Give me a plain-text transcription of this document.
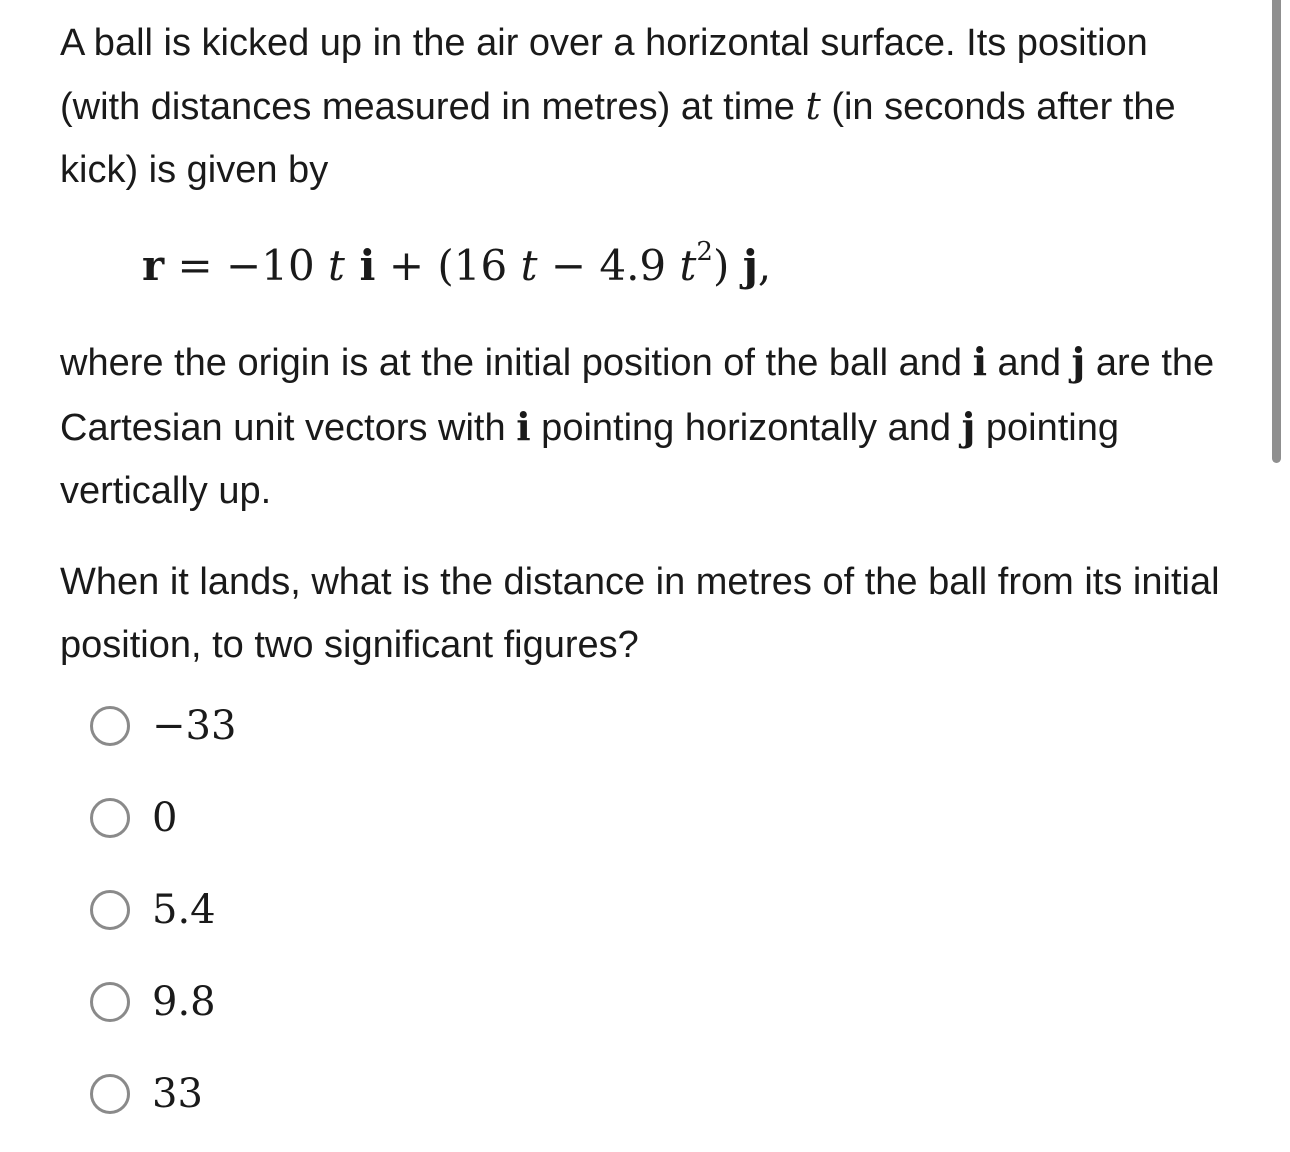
A ball is kicked up in the air over a horizontal surface. Its position (with distances measured in metres) at time t (in seconds after the kick) is given by

r = −10 t i + (16 t − 4.9 $t^2$) j,

where the origin is at the initial position of the ball and i and j are the Cartesian unit vectors with i pointing horizontally and j pointing vertically up.

When it lands, what is the distance in metres of the ball from its initial position, to two significant figures?

−33
0
5.4
9.8
33
